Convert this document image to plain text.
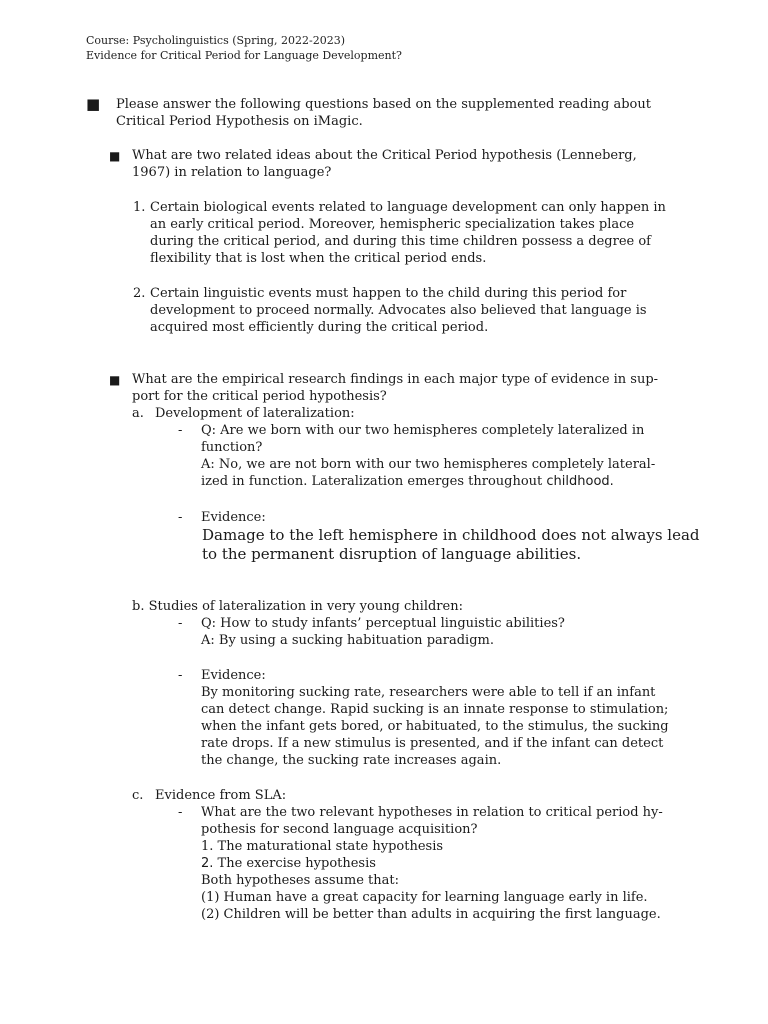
Course: Psycholinguistics (Spring, 2022-2023)
Evidence for Critical Period for Language Development?
■ Please answer the following questions based on the supplemented reading about
Critical Period Hypothesis on iMagic.
■ What are two related ideas about the Critical Period hypothesis (Lenneberg,
1967) in relation to language?
1. Certain biological events related to language development can only happen in
an early critical period. Moreover, hemispheric specialization takes place
during the critical period, and during this time children possess a degree of
flexibility that is lost when the critical period ends.
2. Certain linguistic events must happen to the child during this period for
development to proceed normally. Advocates also believed that language is
acquired most efficiently during the critical period.
■ What are the empirical research findings in each major type of evidence in sup-
port for the critical period hypothesis?
a. Development of lateralization:
- Q: Are we born with our two hemispheres completely lateralized in
function?
A: No, we are not born with our two hemispheres completely lateral-
ized in function. Lateralization emerges throughout childhood.
- Evidence:
Damage to the left hemisphere in childhood does not always lead
to the permanent disruption of language abilities.
b. Studies of lateralization in very young children:
- Q: How to study infants’ perceptual linguistic abilities?
A: By using a sucking habituation paradigm.
- Evidence:
By monitoring sucking rate, researchers were able to tell if an infant
can detect change. Rapid sucking is an innate response to stimulation;
when the infant gets bored, or habituated, to the stimulus, the sucking
rate drops. If a new stimulus is presented, and if the infant can detect
the change, the sucking rate increases again.
c. Evidence from SLA:
- What are the two relevant hypotheses in relation to critical period hy-
pothesis for second language acquisition?
1. The maturational state hypothesis
2. The exercise hypothesis
Both hypotheses assume that:
(1) Human have a great capacity for learning language early in life.
(2) Children will be better than adults in acquiring the first language.
